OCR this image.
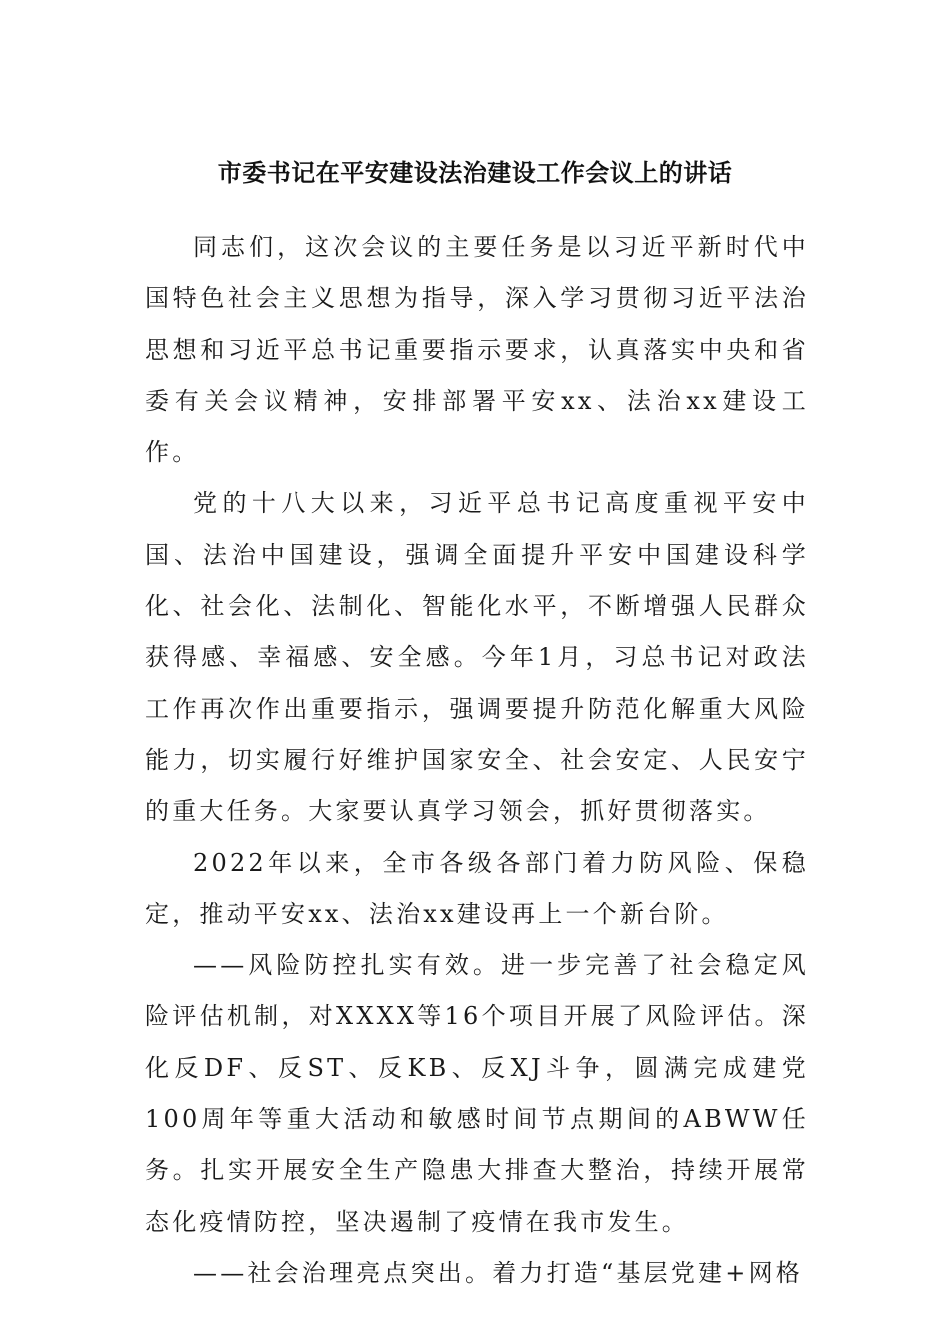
市委书记在平安建设法治建设工作会议上的讲话

同志们，这次会议的主要任务是以习近平新时代中国特色社会主义思想为指导，深入学习贯彻习近平法治思想和习近平总书记重要指示要求，认真落实中央和省委有关会议精神，安排部署平安xx、法治xx建设工作。

党的十八大以来，习近平总书记高度重视平安中国、法治中国建设，强调全面提升平安中国建设科学化、社会化、法制化、智能化水平，不断增强人民群众获得感、幸福感、安全感。今年1月，习总书记对政法工作再次作出重要指示，强调要提升防范化解重大风险能力，切实履行好维护国家安全、社会安定、人民安宁的重大任务。大家要认真学习领会，抓好贯彻落实。

2022年以来，全市各级各部门着力防风险、保稳定，推动平安xx、法治xx建设再上一个新台阶。

——风险防控扎实有效。进一步完善了社会稳定风险评估机制，对XXXX等16个项目开展了风险评估。深化反DF、反ST、反KB、反XJ斗争，圆满完成建党100周年等重大活动和敏感时间节点期间的ABWW任务。扎实开展安全生产隐患大排查大整治，持续开展常态化疫情防控，坚决遏制了疫情在我市发生。

——社会治理亮点突出。着力打造“基层党建+网格
